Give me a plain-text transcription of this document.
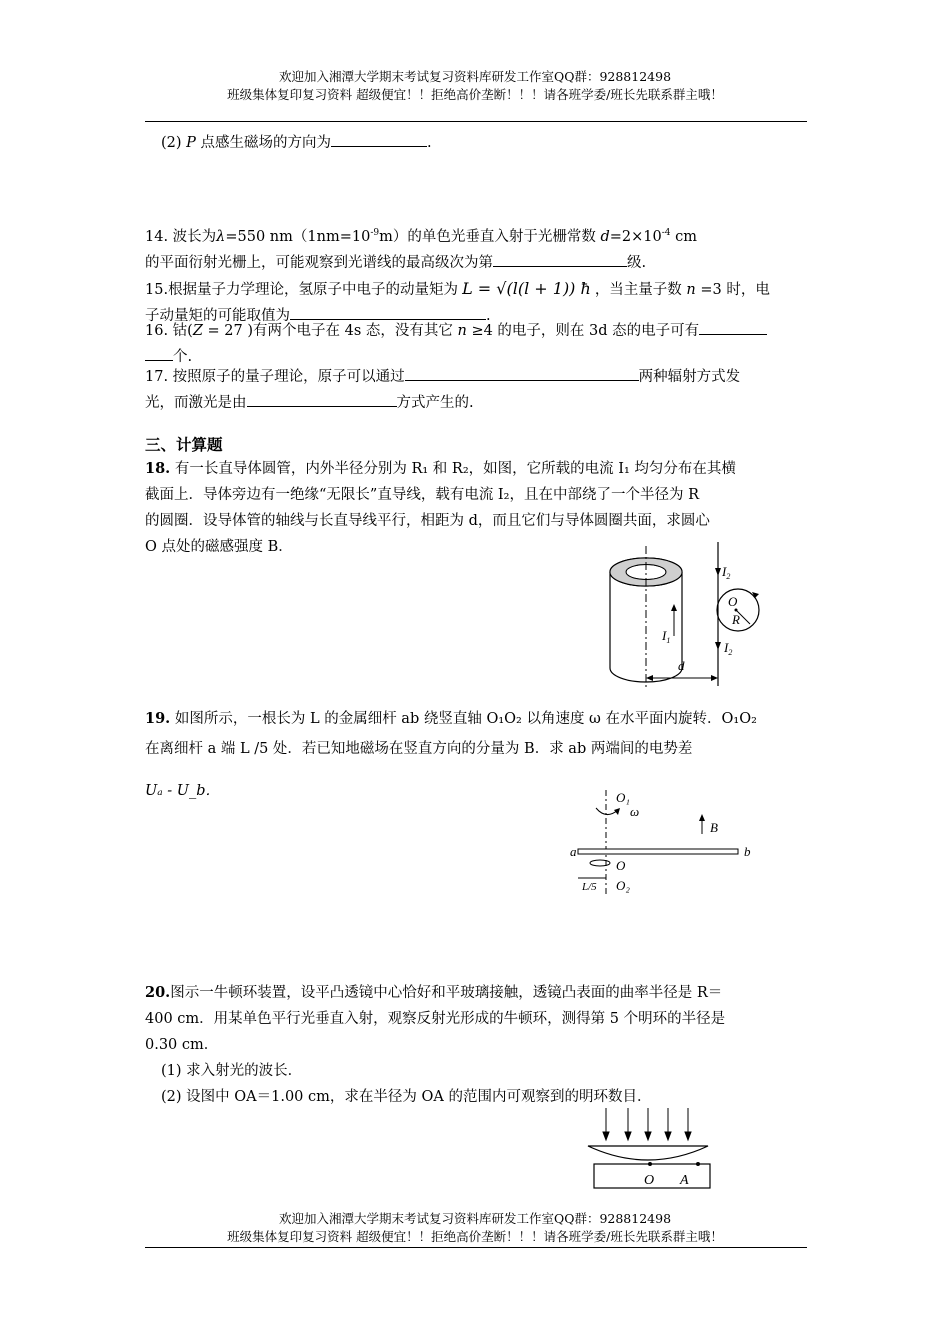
欢迎加入湘潭大学期末考试复习资料库研发工作室QQ群：928812498
班级集体复印复习资料 超级便宜！！拒绝高价垄断！！！请各班学委/班长先联系群主哦！
(2) P 点感生磁场的方向为	.
14. 波长为λ=550 $nm(1nm=10^{-9}m)$的单色光垂直入射于光栅常数 $d=2\times 10^{-4}$ cm
的平面衍射光栅上，可能观察到光谱线的最高级次为第	级.
15.根据量子力学理论，氢原子中电子的动量矩为 L = √(l(l + 1)) ħ ，当主量子数 n =3 时，电
子动量矩的可能取值为	.
16. 钴(Z = 27 )有两个电子在 4s 态，没有其它 n ≥4 的电子，则在 3d 态的电子可有
个.
17. 按照原子的量子理论，原子可以通过	两种辐射方式发
光，而激光是由	方式产生的.
三、计算题
18. 有一长直导体圆管，内外半径分别为 R₁ 和 R₂，如图，它所载的电流 I₁ 均匀分布在其横
截面上．导体旁边有一绝缘“无限长”直导线，载有电流 I₂，且在中部绕了一个半径为 R
的圆圈．设导体管的轴线与长直导线平行，相距为 d，而且它们与导体圆圈共面，求圆心
O 点处的磁感强度 B．
$I_1$
$I_2$
$I_2$
O
R
d
19. 如图所示，一根长为 L 的金属细杆 ab 绕竖直轴 O₁O₂ 以角速度 ω 在水平面内旋转．O₁O₂
在离细杆 a 端 L /5 处．若已知地磁场在竖直方向的分量为 B．求 ab 两端间的电势差
Uₐ - U_b．	O₁
ω
B
a	b
O
L/5 O₂
20.图示一牛顿环装置，设平凸透镜中心恰好和平玻璃接触，透镜凸表面的曲率半径是 R＝
400 cm．用某单色平行光垂直入射，观察反射光形成的牛顿环，测得第 5 个明环的半径是
0.30 cm．
(1) 求入射光的波长．
(2) 设图中 OA＝1.00 cm，求在半径为 OA 的范围内可观察到的明环数目．
O A
欢迎加入湘潭大学期末考试复习资料库研发工作室QQ群：928812498
班级集体复印复习资料 超级便宜！！拒绝高价垄断！！！请各班学委/班长先联系群主哦！
